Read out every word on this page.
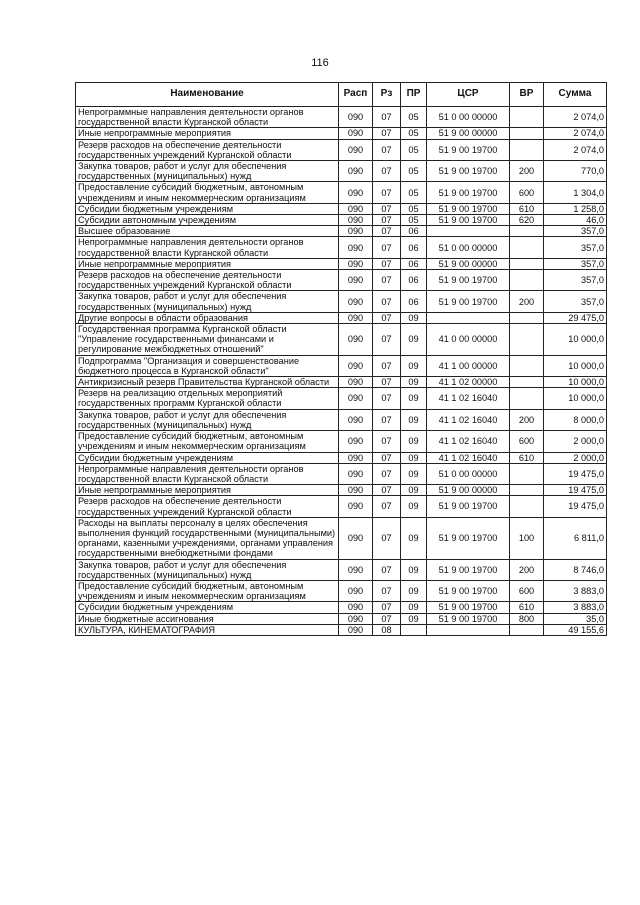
116
Наименование	Расп	Рз	ПР	ЦСР	ВР	Сумма
Непрограммные направления деятельности органов государственной власти Курганской области	090	07	05	51 0 00 00000		2 074,0
Иные непрограммные мероприятия	090	07	05	51 9 00 00000		2 074,0
Резерв расходов на обеспечение деятельности государственных учреждений Курганской области	090	07	05	51 9 00 19700		2 074,0
Закупка товаров, работ и услуг для обеспечения государственных (муниципальных) нужд	090	07	05	51 9 00 19700	200	770,0
Предоставление субсидий бюджетным, автономным учреждениям и иным некоммерческим организациям	090	07	05	51 9 00 19700	600	1 304,0
Субсидии бюджетным учреждениям	090	07	05	51 9 00 19700	610	1 258,0
Субсидии автономным учреждениям	090	07	05	51 9 00 19700	620	46,0
Высшее образование	090	07	06			357,0
Непрограммные направления деятельности органов государственной власти Курганской области	090	07	06	51 0 00 00000		357,0
Иные непрограммные мероприятия	090	07	06	51 9 00 00000		357,0
Резерв расходов на обеспечение деятельности государственных учреждений Курганской области	090	07	06	51 9 00 19700		357,0
Закупка товаров, работ и услуг для обеспечения государственных (муниципальных) нужд	090	07	06	51 9 00 19700	200	357,0
Другие вопросы в области образования	090	07	09			29 475,0
Государственная программа Курганской области "Управление государственными финансами и регулирование межбюджетных отношений"	090	07	09	41 0 00 00000		10 000,0
Подпрограмма "Организация и совершенствование бюджетного процесса в Курганской области"	090	07	09	41 1 00 00000		10 000,0
Антикризисный резерв Правительства Курганской области	090	07	09	41 1 02 00000		10 000,0
Резерв на реализацию отдельных мероприятий государственных программ Курганской области	090	07	09	41 1 02 16040		10 000,0
Закупка товаров, работ и услуг для обеспечения государственных (муниципальных) нужд	090	07	09	41 1 02 16040	200	8 000,0
Предоставление субсидий бюджетным, автономным учреждениям и иным некоммерческим организациям	090	07	09	41 1 02 16040	600	2 000,0
Субсидии бюджетным учреждениям	090	07	09	41 1 02 16040	610	2 000,0
Непрограммные направления деятельности органов государственной власти Курганской области	090	07	09	51 0 00 00000		19 475,0
Иные непрограммные мероприятия	090	07	09	51 9 00 00000		19 475,0
Резерв расходов на обеспечение деятельности государственных учреждений Курганской области	090	07	09	51 9 00 19700		19 475,0
Расходы на выплаты персоналу в целях обеспечения выполнения функций государственными (муниципальными) органами, казенными учреждениями, органами управления государственными внебюджетными фондами	090	07	09	51 9 00 19700	100	6 811,0
Закупка товаров, работ и услуг для обеспечения государственных (муниципальных) нужд	090	07	09	51 9 00 19700	200	8 746,0
Предоставление субсидий бюджетным, автономным учреждениям и иным некоммерческим организациям	090	07	09	51 9 00 19700	600	3 883,0
Субсидии бюджетным учреждениям	090	07	09	51 9 00 19700	610	3 883,0
Иные бюджетные ассигнования	090	07	09	51 9 00 19700	800	35,0
КУЛЬТУРА, КИНЕМАТОГРАФИЯ	090	08				49 155,6
